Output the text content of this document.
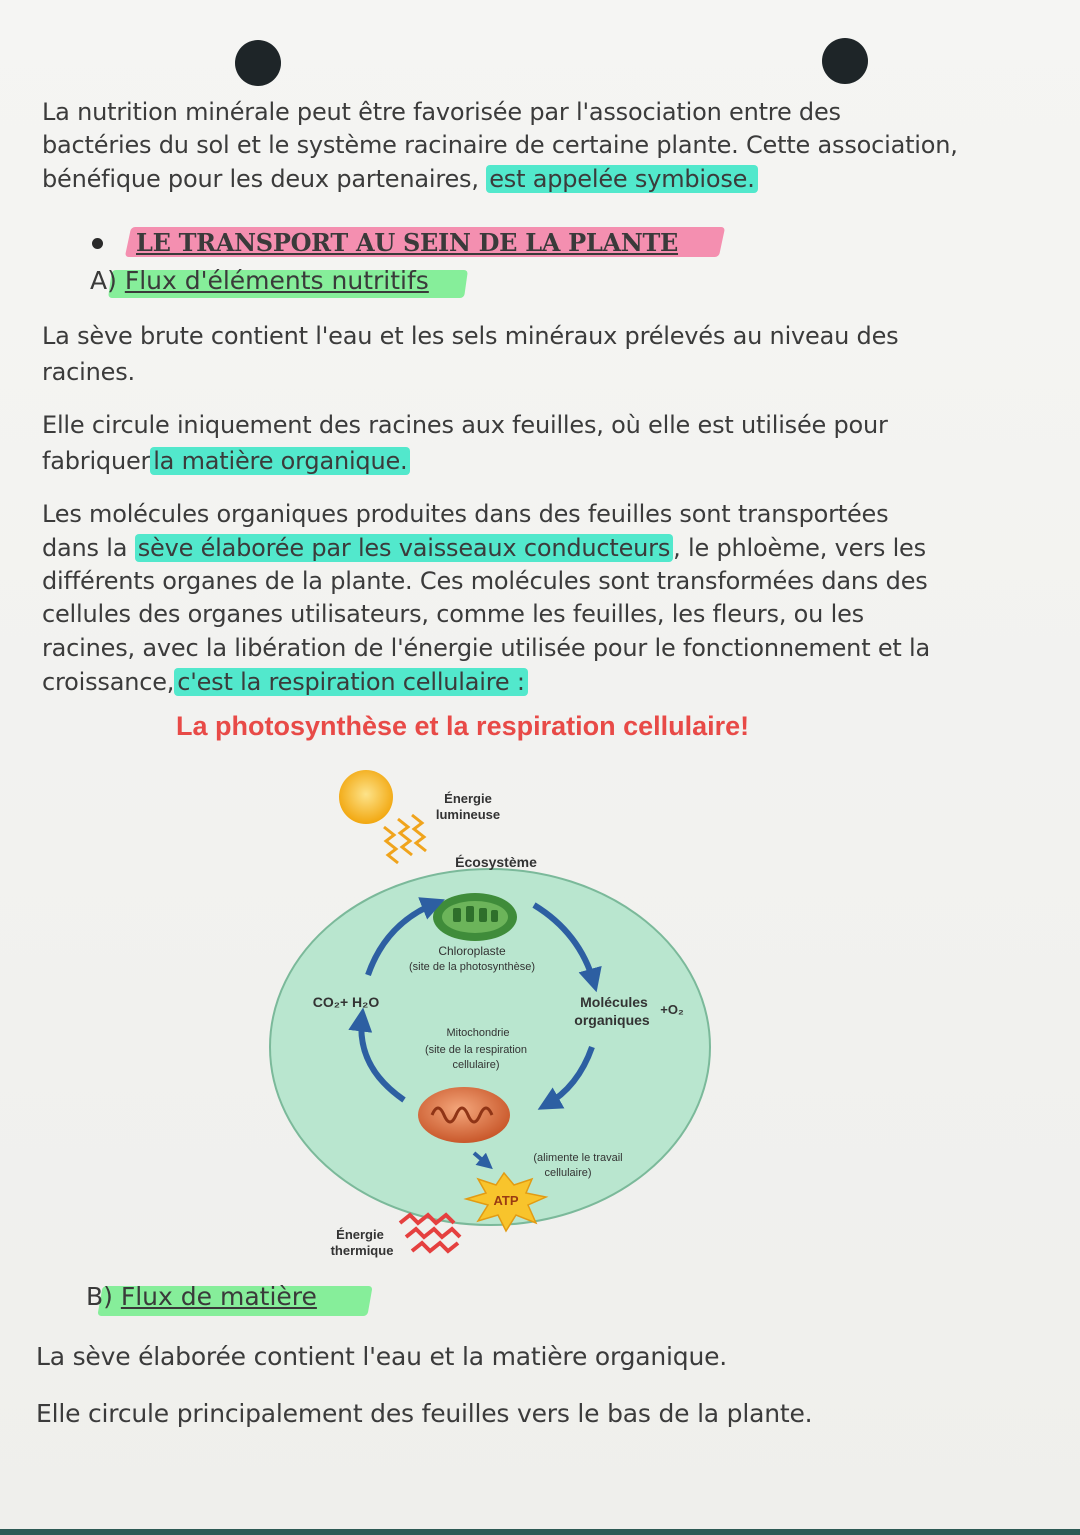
La nutrition minérale peut être favorisée par l'association entre des
bactéries du sol et le système racinaire de certaine plante. Cette association,
bénéfique pour les deux partenaires, est appelée symbiose.
LE TRANSPORT AU SEIN DE LA PLANTE
A) Flux d'éléments nutritifs
La sève brute contient l'eau et les sels minéraux prélevés au niveau des
racines.
Elle circule iniquement des racines aux feuilles, où elle est utilisée pour
fabriquer la matière organique.
Les molécules organiques produites dans des feuilles sont transportées
dans la sève élaborée par les vaisseaux conducteurs , le phloème, vers les
différents organes de la plante. Ces molécules sont transformées dans des
cellules des organes utilisateurs, comme les feuilles, les fleurs, ou les
racines, avec la libération de l'énergie utilisée pour le fonctionnement et la
croissance, c'est la respiration cellulaire :
La photosynthèse et la respiration cellulaire!
Énergie
lumineuse
Écosystème
Chloroplaste
(site de la photosynthèse)
CO₂+ H₂O	Molécules +O₂
organiques
Mitochondrie
(site de la respiration
cellulaire)
(alimente le travail
cellulaire)
ATP
Énergie
thermique
B) Flux de matière
La sève élaborée contient l'eau et la matière organique.
Elle circule principalement des feuilles vers le bas de la plante.
